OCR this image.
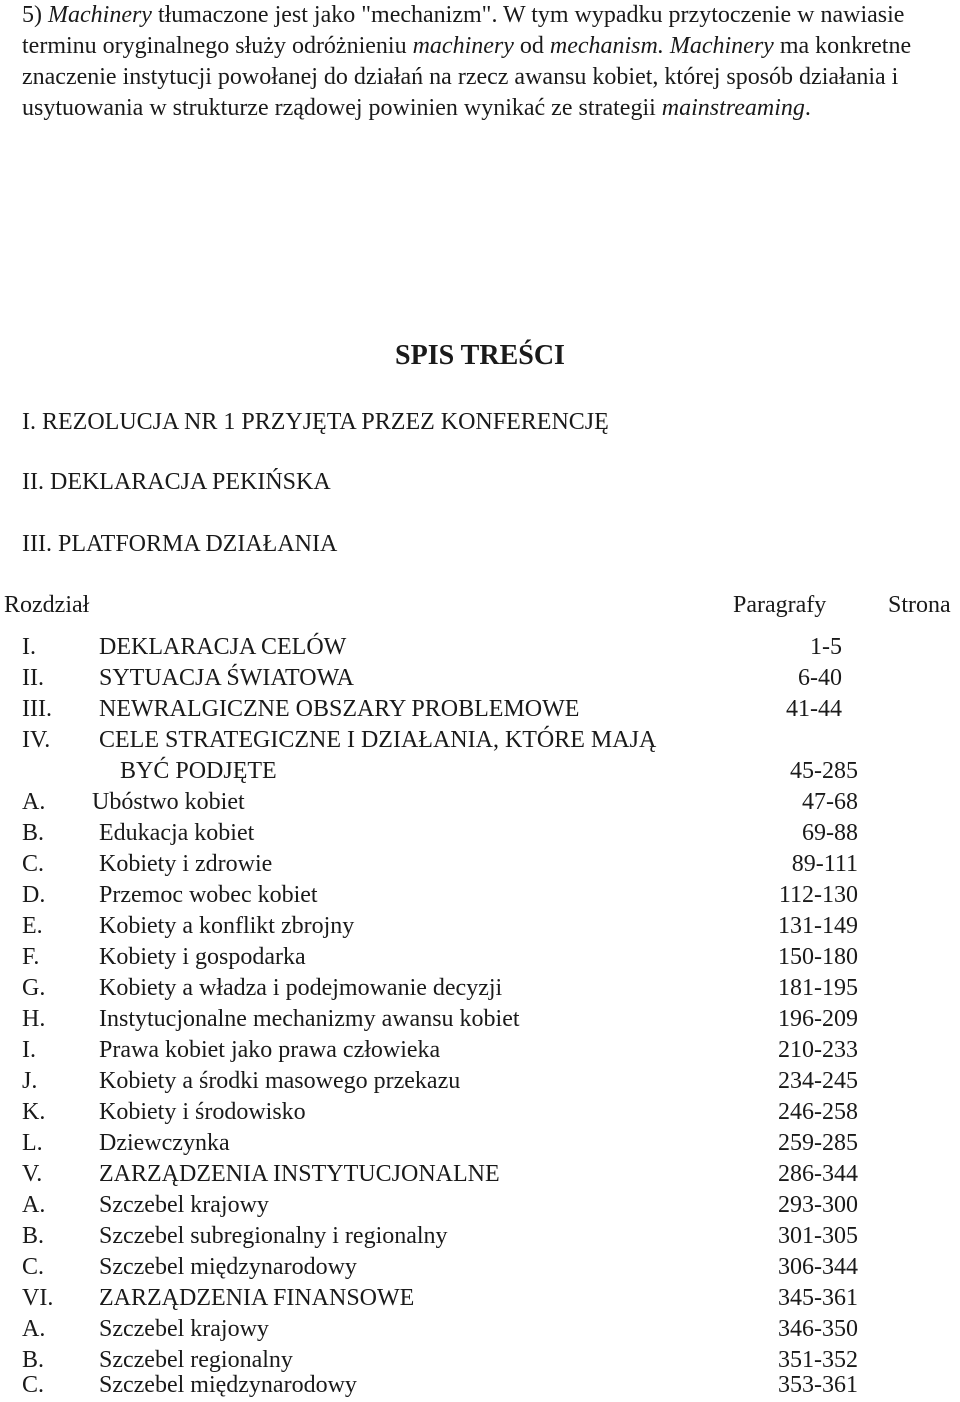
5) Machinery tłumaczone jest jako "mechanizm". W tym wypadku przytoczenie w nawiasie terminu oryginalnego służy odróżnieniu machinery od mechanism. Machinery ma konkretne znaczenie instytucji powołanej do działań na rzecz awansu kobiet, której sposób działania i usytuowania w strukturze rządowej powinien wynikać ze strategii mainstreaming.

SPIS TREŚCI
I. REZOLUCJA NR 1 PRZYJĘTA PRZEZ KONFERENCJĘ
II. DEKLARACJA PEKIŃSKA
III. PLATFORMA DZIAŁANIA
Rozdział	Paragrafy	Strona
I.	DEKLARACJA CELÓW	1-5
II. SYTUACJA ŚWIATOWA	6-40
III. NEWRALGICZNE OBSZARY PROBLEMOWE	41-44
IV. CELE STRATEGICZNE I DZIAŁANIA, KTÓRE MAJĄ
BYĆ PODJĘTE	45-285
A. Ubóstwo kobiet	47-68
B. Edukacja kobiet	69-88
C. Kobiety i zdrowie	89-111
D. Przemoc wobec kobiet	112-130
E. Kobiety a konflikt zbrojny	131-149
F. Kobiety i gospodarka	150-180
G. Kobiety a władza i podejmowanie decyzji	181-195
H. Instytucjonalne mechanizmy awansu kobiet	196-209
I.	Prawa kobiet jako prawa człowieka	210-233
J.	Kobiety a środki masowego przekazu	234-245
K. Kobiety i środowisko	246-258
L. Dziewczynka	259-285
V. ZARZĄDZENIA INSTYTUCJONALNE	286-344
A. Szczebel krajowy	293-300
B. Szczebel subregionalny i regionalny	301-305
C. Szczebel międzynarodowy	306-344
VI. ZARZĄDZENIA FINANSOWE	345-361
A. Szczebel krajowy	346-350
B. Szczebel regionalny	351-352
C. Szczebel międzynarodowy	353-361
